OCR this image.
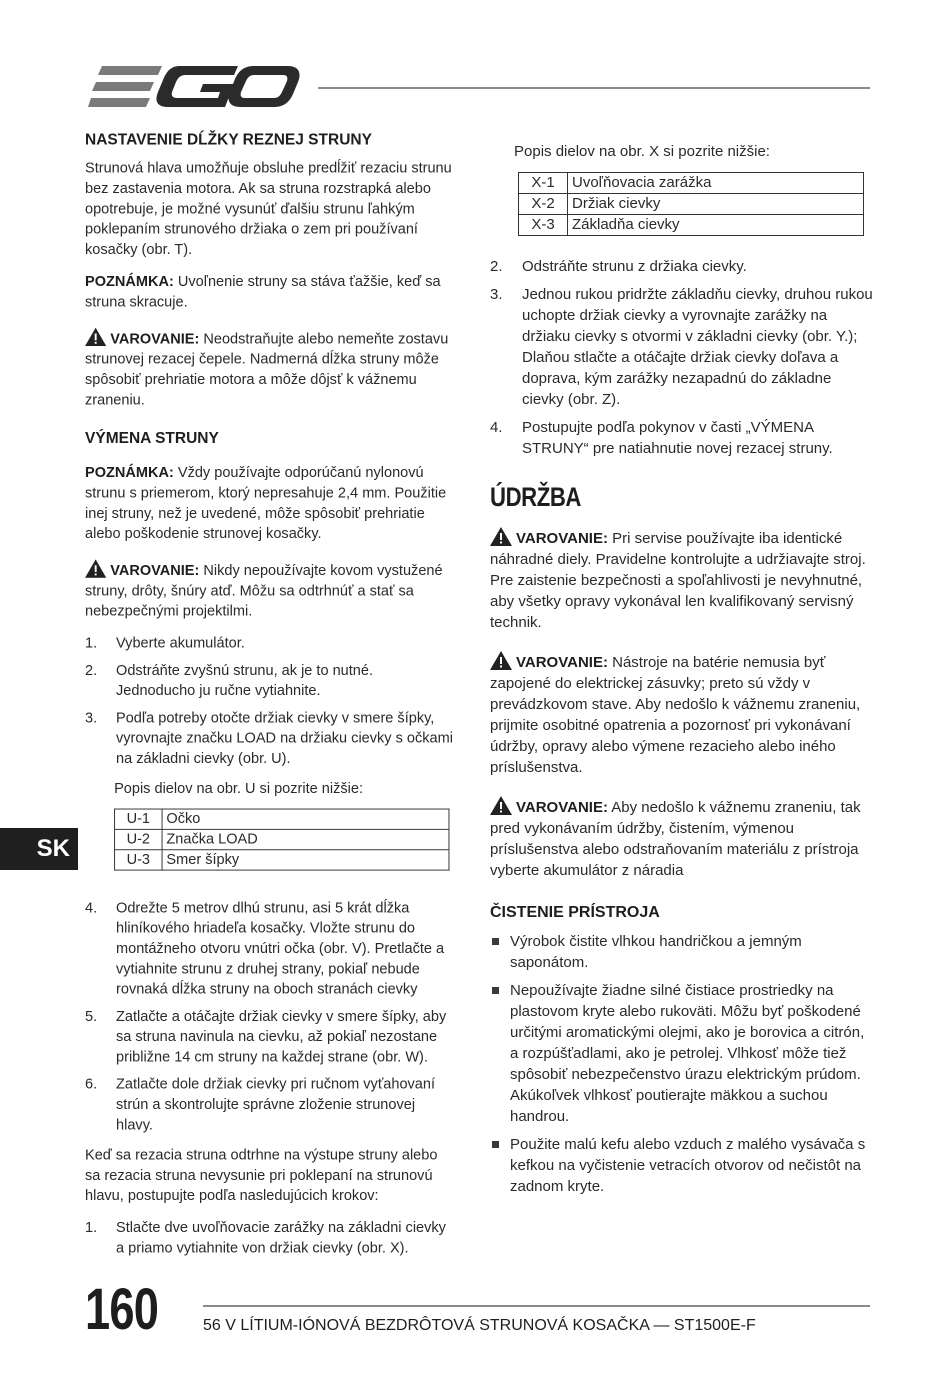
NASTAVENIE DĹŽKY REZNEJ STRUNY

Strunová hlava umožňuje obsluhe predĺžiť rezaciu strunu bez zastavenia motora. Ak sa struna rozstrapká alebo opotrebuje, je možné vysunúť ďalšiu strunu ľahkým poklepaním strunového držiaka o zem pri používaní kosačky (obr. T).

POZNÁMKA: Uvoľnenie struny sa stáva ťažšie, keď sa struna skracuje.

VAROVANIE: Neodstraňujte alebo nemeňte zostavu strunovej rezacej čepele. Nadmerná dĺžka struny môže spôsobiť prehriatie motora a môže dôjsť k vážnemu zraneniu.

VÝMENA STRUNY

POZNÁMKA: Vždy používajte odporúčanú nylonovú strunu s priemerom, ktorý nepresahuje 2,4 mm. Použitie inej struny, než je uvedené, môže spôsobiť prehriatie alebo poškodenie strunovej kosačky.

VAROVANIE: Nikdy nepoužívajte kovom vystužené struny, drôty, šnúry atď. Môžu sa odtrhnúť a stať sa nebezpečnými projektilmi.

1. Vyberte akumulátor.
2. Odstráňte zvyšnú strunu, ak je to nutné. Jednoducho ju ručne vytiahnite.
3. Podľa potreby otočte držiak cievky v smere šípky, vyrovnajte značku LOAD na držiaku cievky s očkami na základni cievky (obr. U).
Popis dielov na obr. U si pozrite nižšie:
U-1	Očko
U-2	Značka LOAD
U-3	Smer šípky
4. Odrežte 5 metrov dlhú strunu, asi 5 krát dĺžka hliníkového hriadeľa kosačky. Vložte strunu do montážneho otvoru vnútri očka (obr. V). Pretlačte a vytiahnite strunu z druhej strany, pokiaľ nebude rovnaká dĺžka struny na oboch stranách cievky
5. Zatlačte a otáčajte držiak cievky v smere šípky, aby sa struna navinula na cievku, až pokiaľ nezostane približne 14 cm struny na každej strane (obr. W).
6. Zatlačte dole držiak cievky pri ručnom vyťahovaní strún a skontrolujte správne zloženie strunovej hlavy.

Keď sa rezacia struna odtrhne na výstupe struny alebo sa rezacia struna nevysunie pri poklepaní na strunovú hlavu, postupujte podľa nasledujúcich krokov:

1. Stlačte dve uvoľňovacie zarážky na základni cievky a priamo vytiahnite von držiak cievky (obr. X).
Popis dielov na obr. X si pozrite nižšie:
X-1	Uvoľňovacia zarážka
X-2	Držiak cievky
X-3	Základňa cievky
2. Odstráňte strunu z držiaka cievky.
3. Jednou rukou pridržte základňu cievky, druhou rukou uchopte držiak cievky a vyrovnajte zarážky na držiaku cievky s otvormi v základni cievky (obr. Y.); Dlaňou stlačte a otáčajte držiak cievky doľava a doprava, kým zarážky nezapadnú do základne cievky (obr. Z).
4. Postupujte podľa pokynov v časti „VÝMENA STRUNY“ pre natiahnutie novej rezacej struny.
ÚDRŽBA

VAROVANIE: Pri servise používajte iba identické náhradné diely. Pravidelne kontrolujte a udržiavajte stroj. Pre zaistenie bezpečnosti a spoľahlivosti je nevyhnutné, aby všetky opravy vykonával len kvalifikovaný servisný technik.

VAROVANIE: Nástroje na batérie nemusia byť zapojené do elektrickej zásuvky; preto sú vždy v prevádzkovom stave. Aby nedošlo k vážnemu zraneniu, prijmite osobitné opatrenia a pozornosť pri vykonávaní údržby, opravy alebo výmene rezacieho alebo iného príslušenstva.

VAROVANIE: Aby nedošlo k vážnemu zraneniu, tak pred vykonávaním údržby, čistením, výmenou príslušenstva alebo odstraňovaním materiálu z prístroja vyberte akumulátor z náradia

ČISTENIE PRÍSTROJA
Výrobok čistite vlhkou handričkou a jemným saponátom.
Nepoužívajte žiadne silné čistiace prostriedky na plastovom kryte alebo rukoväti. Môžu byť poškodené určitými aromatickými olejmi, ako je borovica a citrón, a rozpúšťadlami, ako je petrolej. Vlhkosť môže tiež spôsobiť nebezpečenstvo úrazu elektrickým prúdom. Akúkoľvek vlhkosť poutierajte mäkkou a suchou handrou.
Použite malú kefu alebo vzduch z malého vysávača s kefkou na vyčistenie vetracích otvorov od nečistôt na zadnom kryte.
SK
160	56 V LÍTIUM-IÓNOVÁ BEZDRÔTOVÁ STRUNOVÁ KOSAČKA — ST1500E-F
